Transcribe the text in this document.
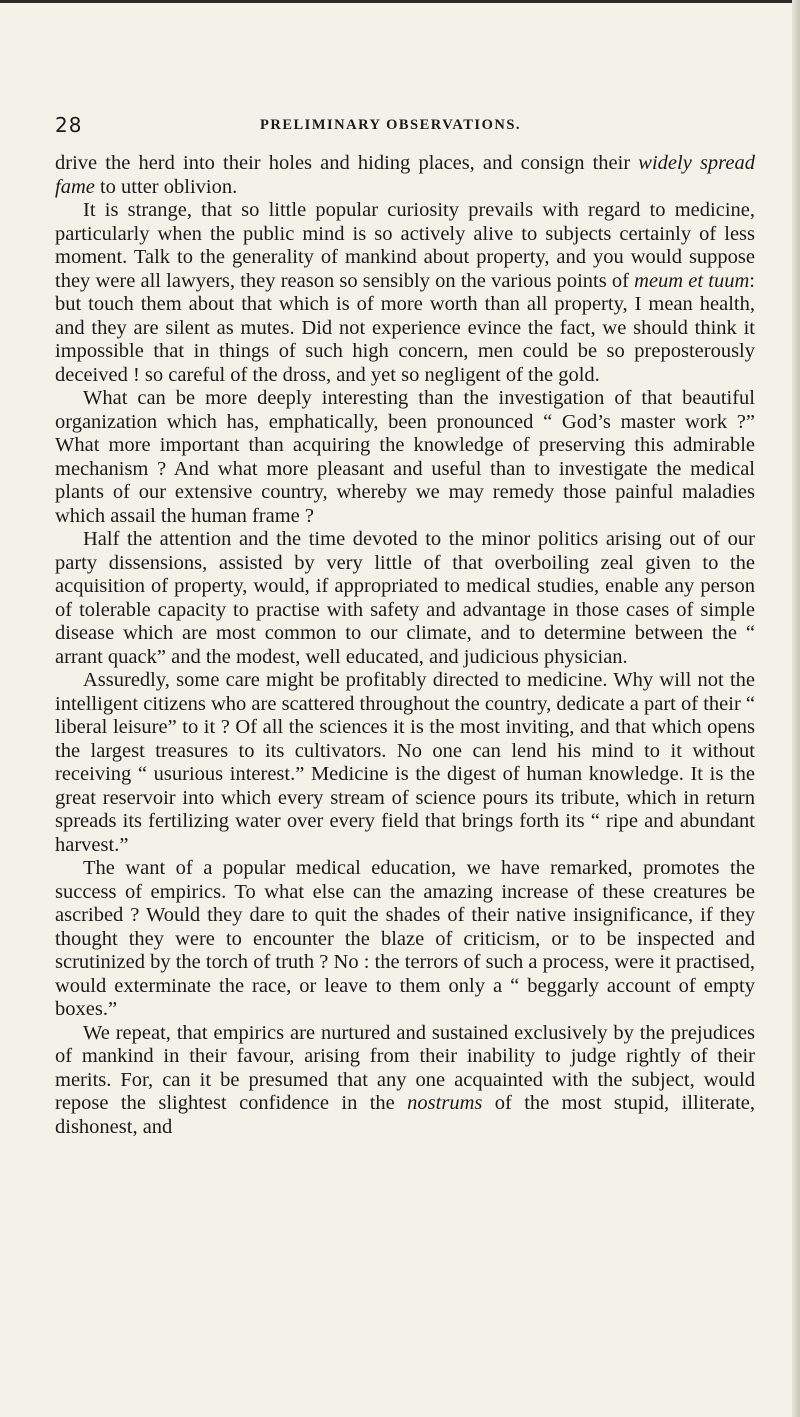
28	PRELIMINARY OBSERVATIONS.

drive the herd into their holes and hiding places, and consign their widely spread fame to utter oblivion.

It is strange, that so little popular curiosity prevails with regard to medicine, particularly when the public mind is so actively alive to subjects certainly of less moment. Talk to the generality of mankind about property, and you would suppose they were all lawyers, they reason so sensibly on the various points of meum et tuum: but touch them about that which is of more worth than all property, I mean health, and they are silent as mutes. Did not experience evince the fact, we should think it impossible that in things of such high concern, men could be so preposterously deceived ! so careful of the dross, and yet so negligent of the gold.

What can be more deeply interesting than the investigation of that beautiful organization which has, emphatically, been pronounced “ God’s master work ?” What more important than acquiring the knowledge of preserving this admirable mechanism ? And what more pleasant and useful than to investigate the medical plants of our extensive country, whereby we may remedy those painful maladies which assail the human frame ?

Half the attention and the time devoted to the minor politics arising out of our party dissensions, assisted by very little of that overboiling zeal given to the acquisition of property, would, if appropriated to medical studies, enable any person of tolerable capacity to practise with safety and advantage in those cases of simple disease which are most common to our climate, and to determine between the “ arrant quack” and the modest, well educated, and judicious physician.

Assuredly, some care might be profitably directed to medicine. Why will not the intelligent citizens who are scattered throughout the country, dedicate a part of their “ liberal leisure” to it ? Of all the sciences it is the most inviting, and that which opens the largest treasures to its cultivators. No one can lend his mind to it without receiving “ usurious interest.” Medicine is the digest of human knowledge. It is the great reservoir into which every stream of science pours its tribute, which in return spreads its fertilizing water over every field that brings forth its “ ripe and abundant harvest.”

The want of a popular medical education, we have remarked, promotes the success of empirics. To what else can the amazing increase of these creatures be ascribed ? Would they dare to quit the shades of their native insignificance, if they thought they were to encounter the blaze of criticism, or to be inspected and scrutinized by the torch of truth ? No : the terrors of such a process, were it practised, would exterminate the race, or leave to them only a “ beggarly account of empty boxes.”

We repeat, that empirics are nurtured and sustained exclusively by the prejudices of mankind in their favour, arising from their inability to judge rightly of their merits. For, can it be presumed that any one acquainted with the subject, would repose the slightest confidence in the nostrums of the most stupid, illiterate, dishonest, and
